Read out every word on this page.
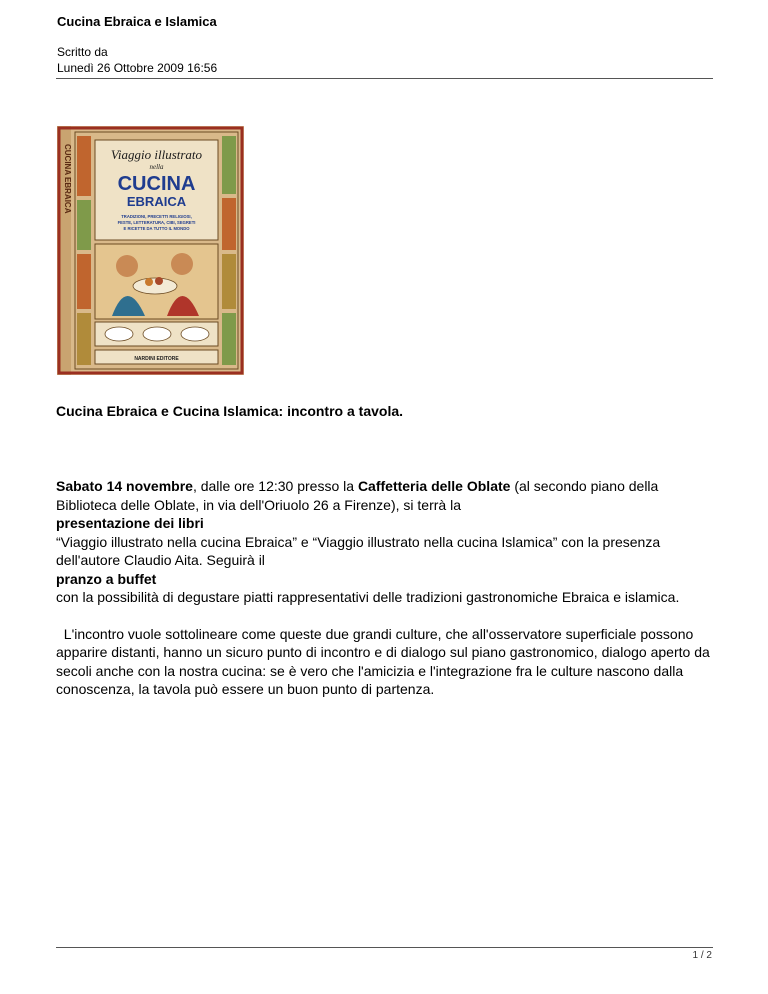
Cucina Ebraica e Islamica
Scritto da
Lunedì 26 Ottobre 2009 16:56
CUCINA EBRAICA	Viaggio illustrato
nella
CUCINA
EBRAICA
TRADIZIONI, PRECETTI RELIGIOSI,
FESTE, LETTERATURA, CIBI, SEGRETI
E RICETTE DA TUTTO IL MONDO
NARDINI EDITORE
Cucina Ebraica e Cucina Islamica: incontro a tavola.

Sabato 14 novembre, dalle ore 12:30 presso la Caffetteria delle Oblate (al secondo piano della Biblioteca delle Oblate, in via dell'Oriuolo 26 a Firenze), si terrà la
presentazione dei libri
“Viaggio illustrato nella cucina Ebraica” e “Viaggio illustrato nella cucina Islamica” con la presenza dell'autore Claudio Aita. Seguirà il
pranzo a buffet
con la possibilità di degustare piatti rappresentativi delle tradizioni gastronomiche Ebraica e islamica.

L'incontro vuole sottolineare come queste due grandi culture, che all'osservatore superficiale possono apparire distanti, hanno un sicuro punto di incontro e di dialogo sul piano gastronomico, dialogo aperto da secoli anche con la nostra cucina: se è vero che l'amicizia e l'integrazione fra le culture nascono dalla conoscenza, la tavola può essere un buon punto di partenza.

1 / 2
